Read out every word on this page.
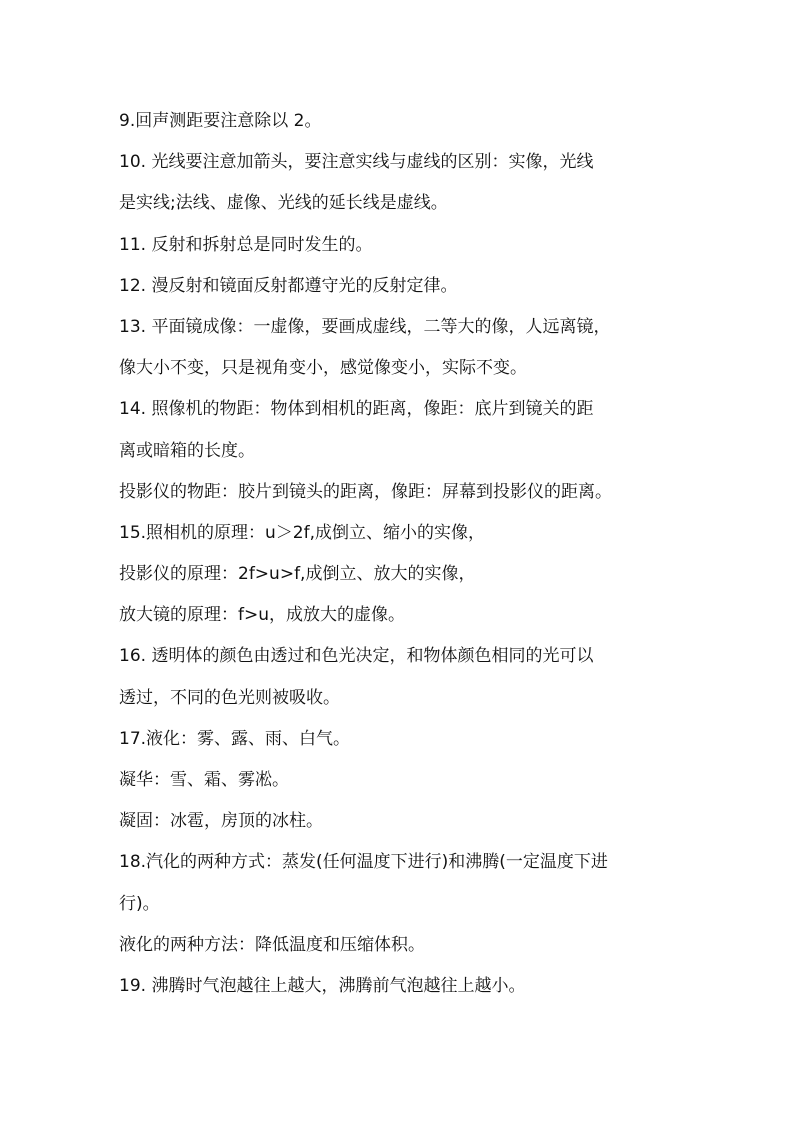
9.回声测距要注意除以 2。
10. 光线要注意加箭头，要注意实线与虚线的区别：实像，光线
是实线;法线、虚像、光线的延长线是虚线。
11. 反射和拆射总是同时发生的。
12. 漫反射和镜面反射都遵守光的反射定律。
13. 平面镜成像：一虚像，要画成虚线，二等大的像，人远离镜，
像大小不变，只是视角变小，感觉像变小，实际不变。
14. 照像机的物距：物体到相机的距离，像距：底片到镜关的距
离或暗箱的长度。
投影仪的物距：胶片到镜头的距离，像距：屏幕到投影仪的距离。
15.照相机的原理：u＞2f,成倒立、缩小的实像，
投影仪的原理：2f>u>f,成倒立、放大的实像，
放大镜的原理：f>u，成放大的虚像。
16. 透明体的颜色由透过和色光决定，和物体颜色相同的光可以
透过，不同的色光则被吸收。
17.液化：雾、露、雨、白气。
凝华：雪、霜、雾凇。
凝固：冰雹，房顶的冰柱。
18.汽化的两种方式：蒸发(任何温度下进行)和沸腾(一定温度下进
行)。
液化的两种方法：降低温度和压缩体积。
19. 沸腾时气泡越往上越大，沸腾前气泡越往上越小。
